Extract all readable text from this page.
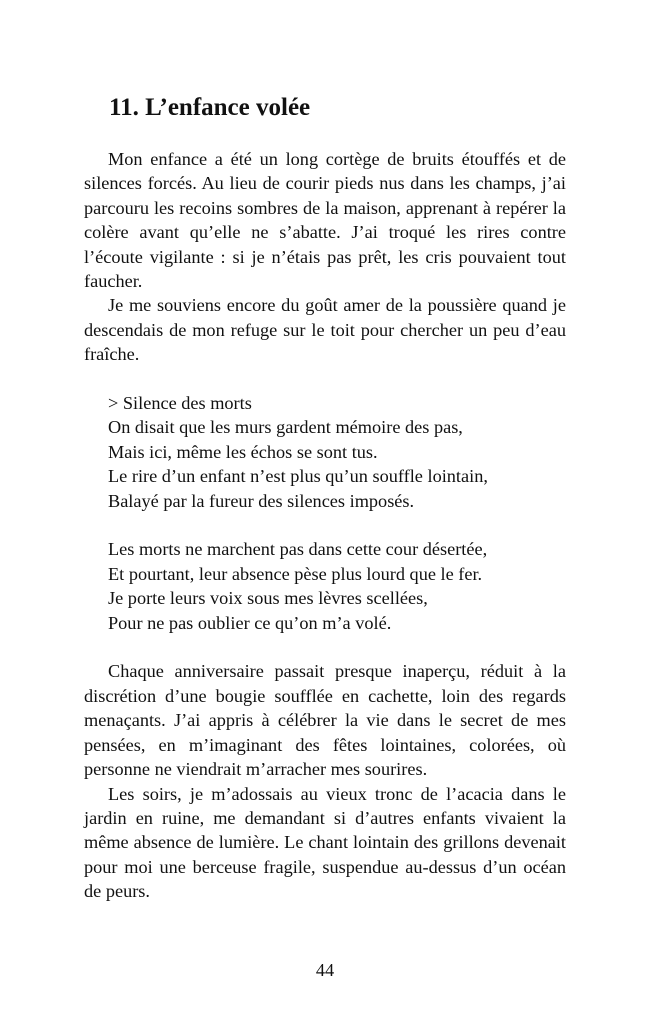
11. L’enfance volée

Mon enfance a été un long cortège de bruits étouffés et de silences forcés. Au lieu de courir pieds nus dans les champs, j’ai parcouru les recoins sombres de la maison, apprenant à repérer la colère avant qu’elle ne s’abatte. J’ai troqué les rires contre l’écoute vigilante : si je n’étais pas prêt, les cris pouvaient tout faucher.

Je me souviens encore du goût amer de la poussière quand je descendais de mon refuge sur le toit pour chercher un peu d’eau fraîche.

> Silence des morts
On disait que les murs gardent mémoire des pas,
Mais ici, même les échos se sont tus.
Le rire d’un enfant n’est plus qu’un souffle lointain,
Balayé par la fureur des silences imposés.
Les morts ne marchent pas dans cette cour désertée,
Et pourtant, leur absence pèse plus lourd que le fer.
Je porte leurs voix sous mes lèvres scellées,
Pour ne pas oublier ce qu’on m’a volé.

Chaque anniversaire passait presque inaperçu, réduit à la discrétion d’une bougie soufflée en cachette, loin des regards menaçants. J’ai appris à célébrer la vie dans le secret de mes pensées, en m’imaginant des fêtes lointaines, colorées, où personne ne viendrait m’arracher mes sourires.

Les soirs, je m’adossais au vieux tronc de l’acacia dans le jardin en ruine, me demandant si d’autres enfants vivaient la même absence de lumière. Le chant lointain des grillons devenait pour moi une berceuse fragile, suspendue au-dessus d’un océan de peurs.

44
